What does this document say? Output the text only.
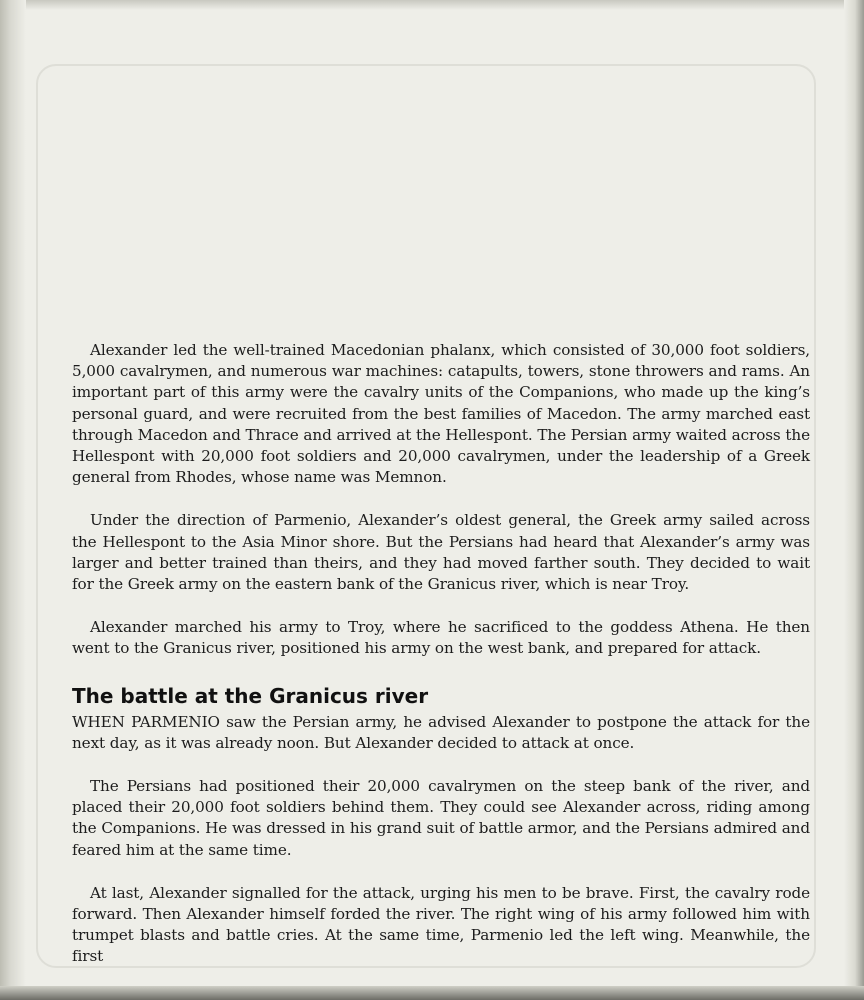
Alexander led the well-trained Macedonian phalanx, which consisted of 30,000 foot soldiers, 5,000 cavalrymen, and numerous war machines: catapults, towers, stone throwers and rams. An important part of this army were the cavalry units of the Companions, who made up the king’s personal guard, and were recruited from the best families of Macedon. The army marched east through Macedon and Thrace and arrived at the Hellespont. The Persian army waited across the Hellespont with 20,000 foot soldiers and 20,000 cavalrymen, under the leadership of a Greek general from Rhodes, whose name was Memnon.

Under the direction of Parmenio, Alexander’s oldest general, the Greek army sailed across the Hellespont to the Asia Minor shore. But the Persians had heard that Alexander’s army was larger and better trained than theirs, and they had moved farther south. They decided to wait for the Greek army on the eastern bank of the Granicus river, which is near Troy.

Alexander marched his army to Troy, where he sacrificed to the goddess Athena. He then went to the Granicus river, positioned his army on the west bank, and prepared for attack.

The battle at the Granicus river

WHEN PARMENIO saw the Persian army, he advised Alexander to postpone the attack for the next day, as it was already noon. But Alexander decided to attack at once.

The Persians had positioned their 20,000 cavalrymen on the steep bank of the river, and placed their 20,000 foot soldiers behind them. They could see Alexander across, riding among the Companions. He was dressed in his grand suit of battle armor, and the Persians admired and feared him at the same time.

At last, Alexander signalled for the attack, urging his men to be brave. First, the cavalry rode forward. Then Alexander himself forded the river. The right wing of his army followed him with trumpet blasts and battle cries. At the same time, Parmenio led the left wing. Meanwhile, the first
